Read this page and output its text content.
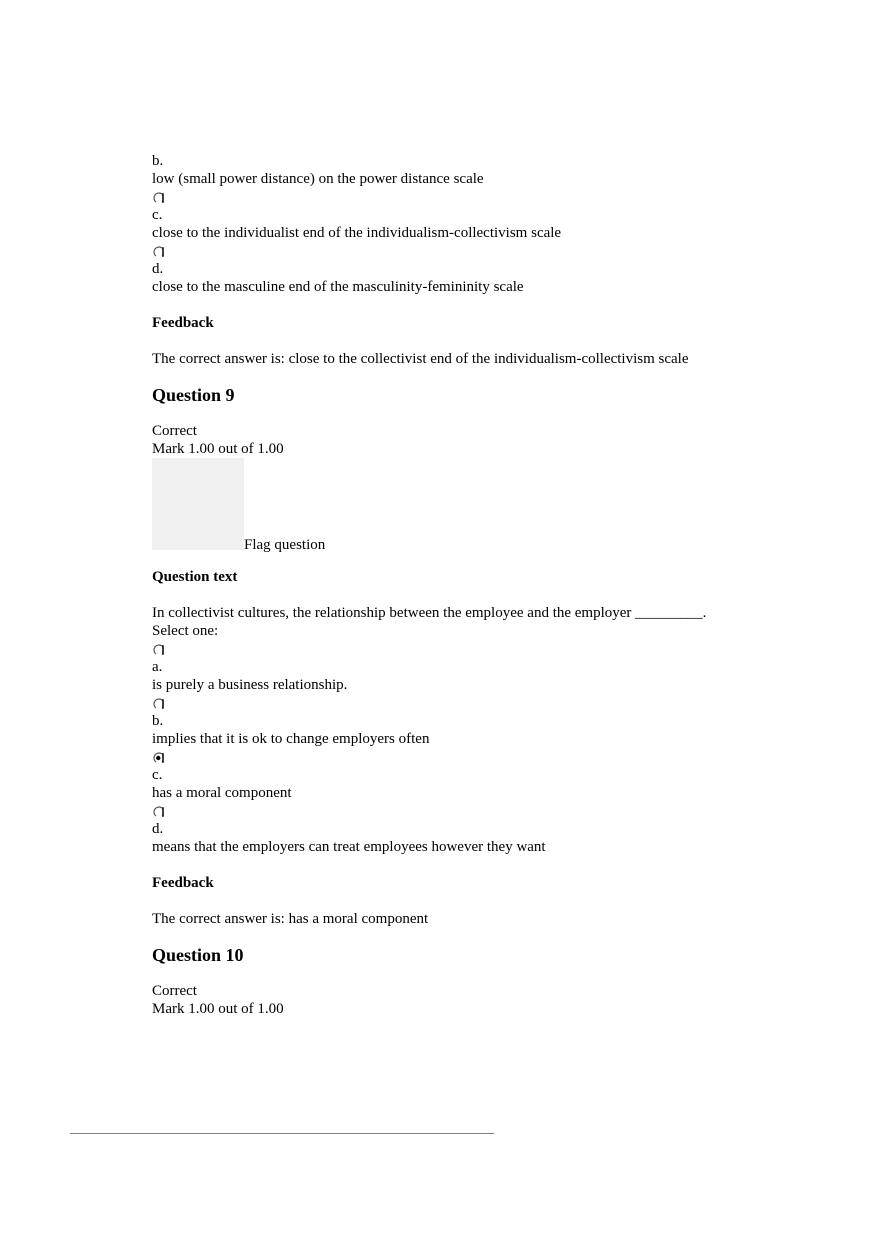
b.
low (small power distance) on the power distance scale
c.
close to the individualist end of the individualism-collectivism scale
d.
close to the masculine end of the masculinity-femininity scale
Feedback
The correct answer is: close to the collectivist end of the individualism-collectivism scale
Question 9
Correct
Mark 1.00 out of 1.00
Flag question
Question text
In collectivist cultures, the relationship between the employee and the employer _________.
Select one:
a.
is purely a business relationship.
b.
implies that it is ok to change employers often
c.
has a moral component
d.
means that the employers can treat employees however they want
Feedback
The correct answer is: has a moral component
Question 10
Correct
Mark 1.00 out of 1.00
